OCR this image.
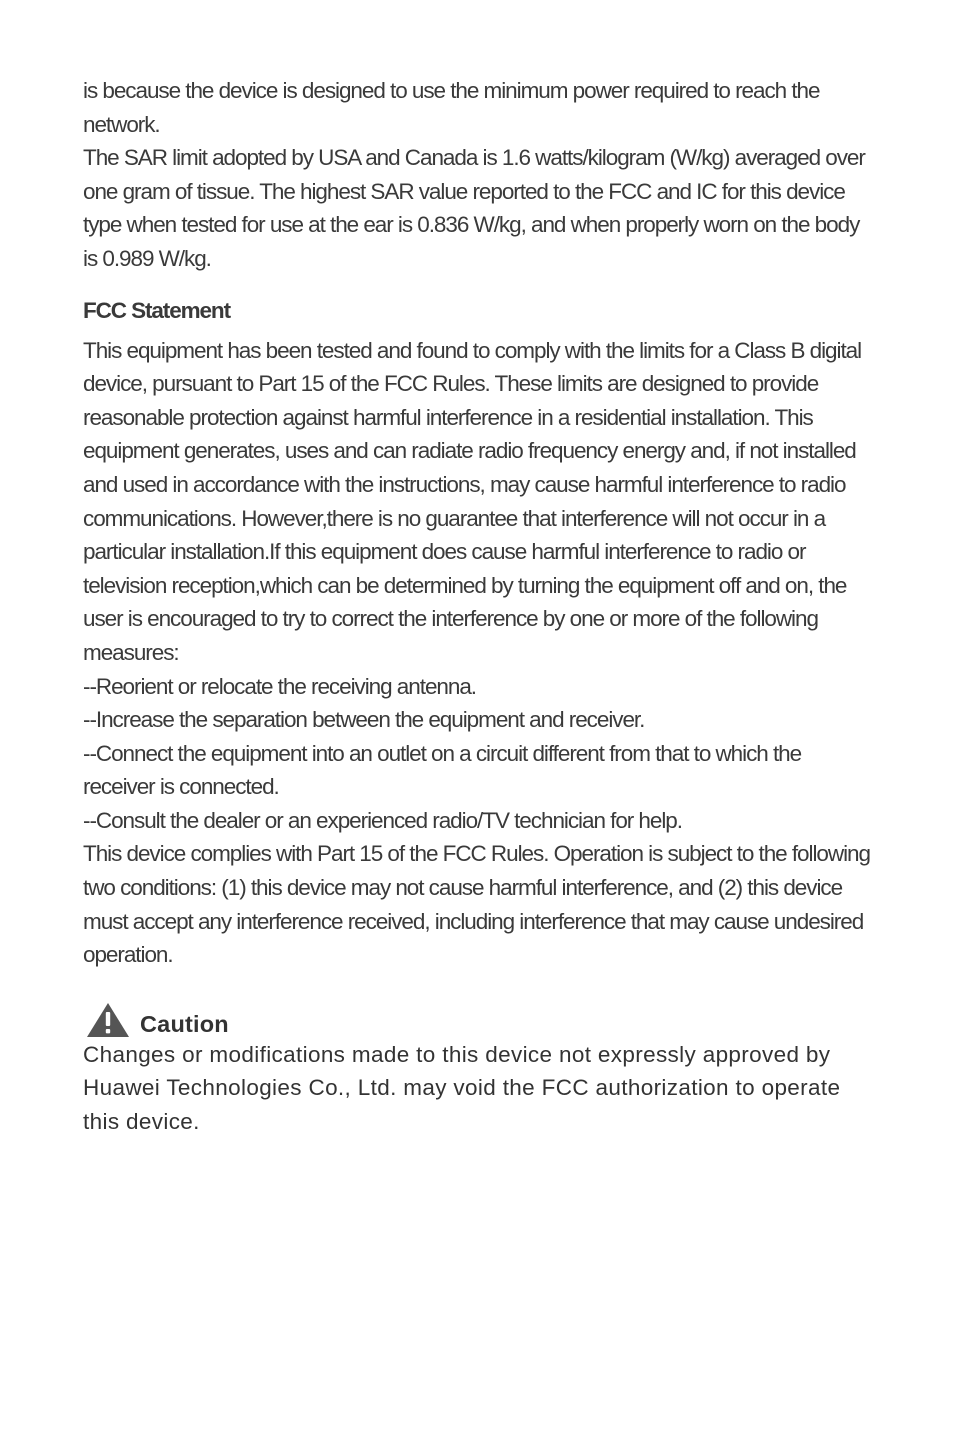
is because the device is designed to use the minimum power required to reach the network.

The SAR limit adopted by USA and Canada is 1.6 watts/kilogram (W/kg) averaged over one gram of tissue. The highest SAR value reported to the FCC and IC for this device type when tested for use at the ear is 0.836 W/kg, and when properly worn on the body is 0.989 W/kg.

FCC Statement

This equipment has been tested and found to comply with the limits for a Class B digital device, pursuant to Part 15 of the FCC Rules. These limits are designed to provide reasonable protection against harmful interference in a residential installation. This equipment generates, uses and can radiate radio frequency energy and, if not installed and used in accordance with the instructions, may cause harmful interference to radio communications. However,there is no guarantee that interference will not occur in a particular installation.If this equipment does cause harmful interference to radio or television reception,which can be determined by turning the equipment off and on, the user is encouraged to try to correct the interference by one or more of the following measures:

--Reorient or relocate the receiving antenna.

--Increase the separation between the equipment and receiver.

--Connect the equipment into an outlet on a circuit different from that to which the receiver is connected.

--Consult the dealer or an experienced radio/TV technician for help.

This device complies with Part 15 of the FCC Rules. Operation is subject to the following two conditions: (1) this device may not cause harmful interference, and (2) this device must accept any interference received, including interference that may cause undesired operation.

Caution

Changes or modifications made to this device not expressly approved by Huawei Technologies Co., Ltd. may void the FCC authorization to operate this device.
